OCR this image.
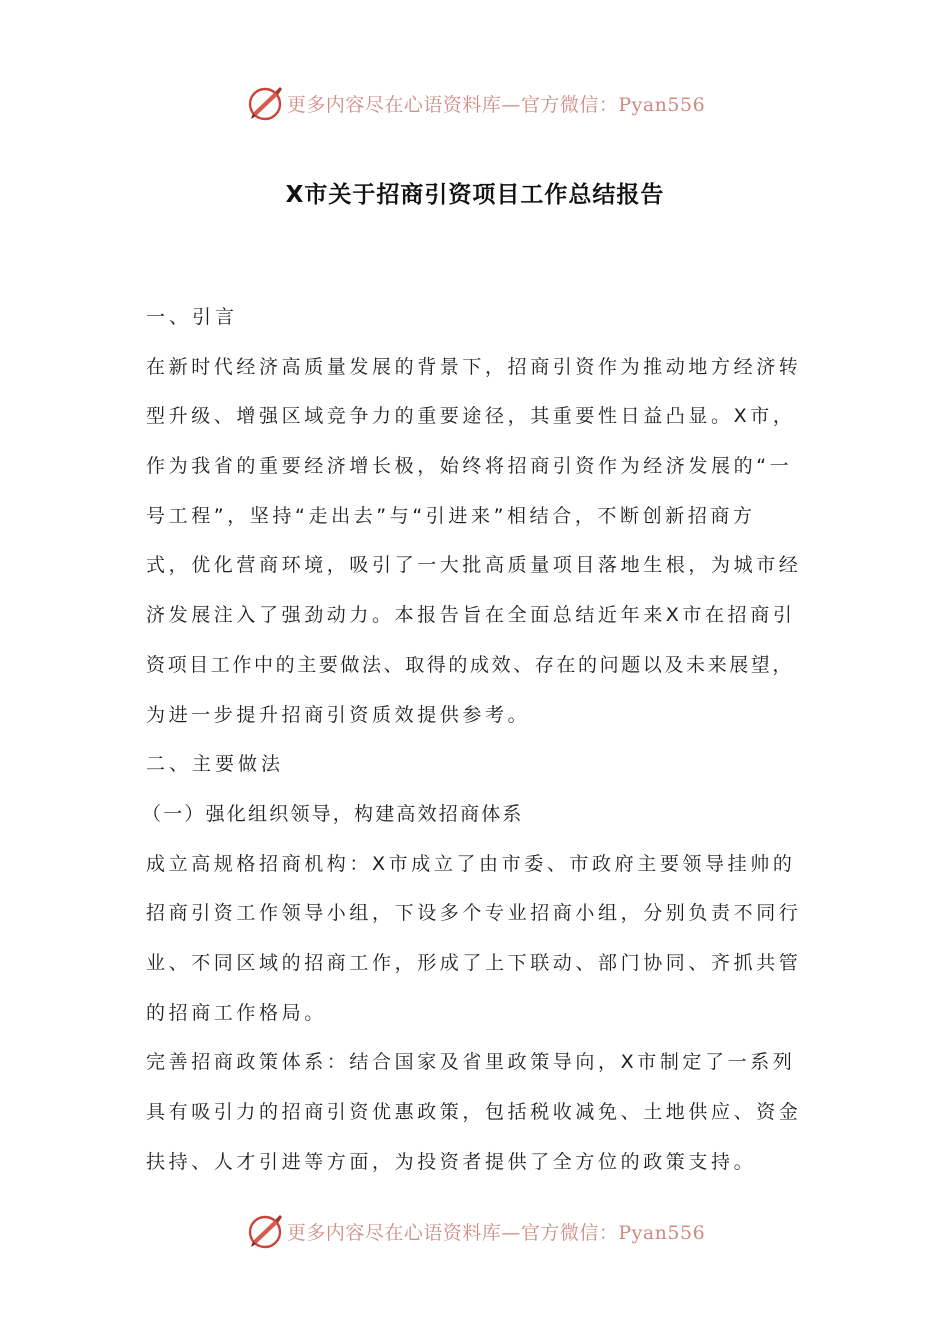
更多内容尽在心语资料库—官方微信：Pyan556
X市关于招商引资项目工作总结报告
一、引言
在新时代经济高质量发展的背景下，招商引资作为推动地方经济转
型升级、增强区域竞争力的重要途径，其重要性日益凸显。X市，
作为我省的重要经济增长极，始终将招商引资作为经济发展的“一
号工程”，坚持“走出去”与“引进来”相结合，不断创新招商方
式，优化营商环境，吸引了一大批高质量项目落地生根，为城市经
济发展注入了强劲动力。本报告旨在全面总结近年来X市在招商引
资项目工作中的主要做法、取得的成效、存在的问题以及未来展望，
为进一步提升招商引资质效提供参考。
二、主要做法
（一）强化组织领导，构建高效招商体系
成立高规格招商机构：X市成立了由市委、市政府主要领导挂帅的
招商引资工作领导小组，下设多个专业招商小组，分别负责不同行
业、不同区域的招商工作，形成了上下联动、部门协同、齐抓共管
的招商工作格局。
完善招商政策体系：结合国家及省里政策导向，X市制定了一系列
具有吸引力的招商引资优惠政策，包括税收减免、土地供应、资金
扶持、人才引进等方面，为投资者提供了全方位的政策支持。
更多内容尽在心语资料库—官方微信：Pyan556
